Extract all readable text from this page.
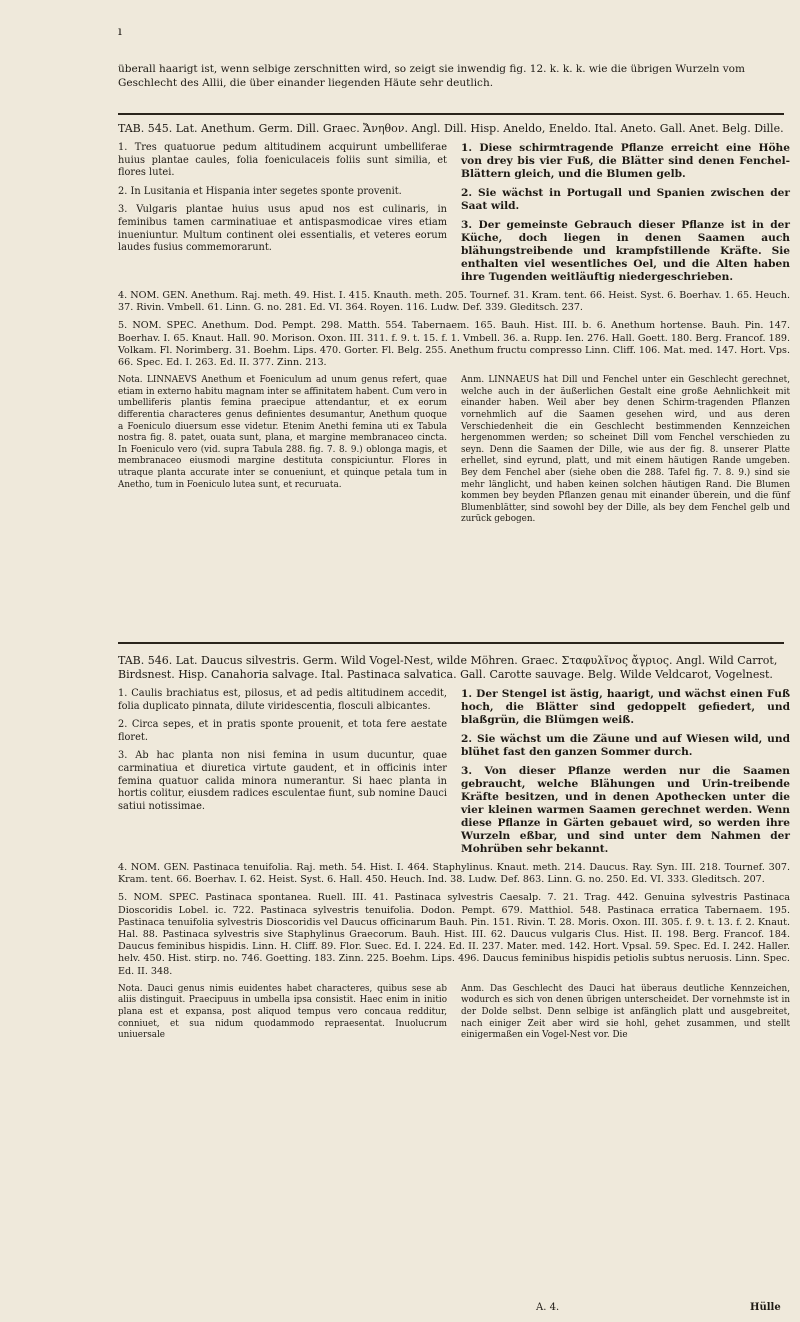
ı
überall haarigt ist, wenn selbige zerschnitten wird, so zeigt sie inwendig fig. 12. k. k. k. wie die übrigen Wurzeln vom Geschlecht des Allii, die über einander liegenden Häute sehr deutlich.

TAB. 545. Lat. Anethum. Germ. Dill. Graec. Ἄνηθον. Angl. Dill. Hisp. Aneldo, Eneldo. Ital. Aneto. Gall. Anet. Belg. Dille.

1. Tres quatuorue pedum altitudinem acquirunt umbelliferae huius plantae caules, folia foeniculaceis foliis sunt similia, et flores lutei.

2. In Lusitania et Hispania inter segetes sponte provenit.

3. Vulgaris plantae huius usus apud nos est culinaris, in feminibus tamen carminatiuae et antispasmodicae vires etiam inueniuntur. Multum continent olei essentialis, et veteres eorum laudes fusius commemorarunt.

1. Diese schirmtragende Pflanze erreicht eine Höhe von drey bis vier Fuß, die Blätter sind denen Fenchel-Blättern gleich, und die Blumen gelb.

2. Sie wächst in Portugall und Spanien zwischen der Saat wild.

3. Der gemeinste Gebrauch dieser Pflanze ist in der Küche, doch liegen in denen Saamen auch blähungstreibende und krampfstillende Kräfte. Sie enthalten viel wesentliches Oel, und die Alten haben ihre Tugenden weitläuftig niedergeschrieben.

4. NOM. GEN. Anethum. Raj. meth. 49. Hist. I. 415. Knauth. meth. 205. Tournef. 31. Kram. tent. 66. Heist. Syst. 6. Boerhav. 1. 65. Heuch. 37. Rivin. Vmbell. 61. Linn. G. no. 281. Ed. VI. 364. Royen. 116. Ludw. Def. 339. Gleditsch. 237.

5. NOM. SPEC. Anethum. Dod. Pempt. 298. Matth. 554. Tabernaem. 165. Bauh. Hist. III. b. 6. Anethum hortense. Bauh. Pin. 147. Boerhav. I. 65. Knaut. Hall. 90. Morison. Oxon. III. 311. f. 9. t. 15. f. 1. Vmbell. 36. a. Rupp. Ien. 276. Hall. Goett. 180. Berg. Francof. 189. Volkam. Fl. Norimberg. 31. Boehm. Lips. 470. Gorter. Fl. Belg. 255. Anethum fructu compresso Linn. Cliff. 106. Mat. med. 147. Hort. Vps. 66. Spec. Ed. I. 263. Ed. II. 377. Zinn. 213.

Nota. LINNAEVS Anethum et Foeniculum ad unum genus refert, quae etiam in externo habitu magnam inter se affinitatem habent. Cum vero in umbelliferis plantis femina praecipue attendantur, et ex eorum differentia characteres genus definientes desumantur, Anethum quoque a Foeniculo diuersum esse videtur. Etenim Anethi femina uti ex Tabula nostra fig. 8. patet, ouata sunt, plana, et margine membranaceo cincta. In Foeniculo vero (vid. supra Tabula 288. fig. 7. 8. 9.) oblonga magis, et membranaceo eiusmodi margine destituta conspiciuntur. Flores in utraque planta accurate inter se conueniunt, et quinque petala tum in Anetho, tum in Foeniculo lutea sunt, et recuruata.

Anm. LINNAEUS hat Dill und Fenchel unter ein Geschlecht gerechnet, welche auch in der äußerlichen Gestalt eine große Aehnlichkeit mit einander haben. Weil aber bey denen Schirm-tragenden Pflanzen vornehmlich auf die Saamen gesehen wird, und aus deren Verschiedenheit die ein Geschlecht bestimmenden Kennzeichen hergenommen werden; so scheinet Dill vom Fenchel verschieden zu seyn. Denn die Saamen der Dille, wie aus der fig. 8. unserer Platte erhellet, sind eyrund, platt, und mit einem häutigen Rande umgeben. Bey dem Fenchel aber (siehe oben die 288. Tafel fig. 7. 8. 9.) sind sie mehr länglicht, und haben keinen solchen häutigen Rand. Die Blumen kommen bey beyden Pflanzen genau mit einander überein, und die fünf Blumenblätter, sind sowohl bey der Dille, als bey dem Fenchel gelb und zurück gebogen.

TAB. 546. Lat. Daucus silvestris. Germ. Wild Vogel-Nest, wilde Möhren. Graec. Σταφυλῖνος ἄγριος. Angl. Wild Carrot, Birdsnest. Hisp. Canahoria salvage. Ital. Pastinaca salvatica. Gall. Carotte sauvage. Belg. Wilde Veldcarot, Vogelnest.

1. Caulis brachiatus est, pilosus, et ad pedis altitudinem accedit, folia duplicato pinnata, dilute viridescentia, flosculi albicantes.

2. Circa sepes, et in pratis sponte prouenit, et tota fere aestate floret.

3. Ab hac planta non nisi femina in usum ducuntur, quae carminatiua et diuretica virtute gaudent, et in officinis inter femina quatuor calida minora numerantur. Si haec planta in hortis colitur, eiusdem radices esculentae fiunt, sub nomine Dauci satiui notissimae.

1. Der Stengel ist ästig, haarigt, und wächst einen Fuß hoch, die Blätter sind gedoppelt gefiedert, und blaßgrün, die Blümgen weiß.

2. Sie wächst um die Zäune und auf Wiesen wild, und blühet fast den ganzen Sommer durch.

3. Von dieser Pflanze werden nur die Saamen gebraucht, welche Blähungen und Urin-treibende Kräfte besitzen, und in denen Apothecken unter die vier kleinen warmen Saamen gerechnet werden. Wenn diese Pflanze in Gärten gebauet wird, so werden ihre Wurzeln eßbar, und sind unter dem Nahmen der Mohrüben sehr bekannt.

4. NOM. GEN. Pastinaca tenuifolia. Raj. meth. 54. Hist. I. 464. Staphylinus. Knaut. meth. 214. Daucus. Ray. Syn. III. 218. Tournef. 307. Kram. tent. 66. Boerhav. I. 62. Heist. Syst. 6. Hall. 450. Heuch. Ind. 38. Ludw. Def. 863. Linn. G. no. 250. Ed. VI. 333. Gleditsch. 207.

5. NOM. SPEC. Pastinaca spontanea. Ruell. III. 41. Pastinaca sylvestris Caesalp. 7. 21. Trag. 442. Genuina sylvestris Pastinaca Dioscoridis Lobel. ic. 722. Pastinaca sylvestris tenuifolia. Dodon. Pempt. 679. Matthiol. 548. Pastinaca erratica Tabernaem. 195. Pastinaca tenuifolia sylvestris Dioscoridis vel Daucus officinarum Bauh. Pin. 151. Rivin. T. 28. Moris. Oxon. III. 305. f. 9. t. 13. f. 2. Knaut. Hal. 88. Pastinaca sylvestris sive Staphylinus Graecorum. Bauh. Hist. III. 62. Daucus vulgaris Clus. Hist. II. 198. Berg. Francof. 184. Daucus feminibus hispidis. Linn. H. Cliff. 89. Flor. Suec. Ed. I. 224. Ed. II. 237. Mater. med. 142. Hort. Vpsal. 59. Spec. Ed. I. 242. Haller. helv. 450. Hist. stirp. no. 746. Goetting. 183. Zinn. 225. Boehm. Lips. 496. Daucus feminibus hispidis petiolis subtus neruosis. Linn. Spec. Ed. II. 348.

Nota. Dauci genus nimis euidentes habet characteres, quibus sese ab aliis distinguit. Praecipuus in umbella ipsa consistit. Haec enim in initio plana est et expansa, post aliquod tempus vero concaua redditur, conniuet, et sua nidum quodammodo repraesentat. Inuolucrum uniuersale

Anm. Das Geschlecht des Dauci hat überaus deutliche Kennzeichen, wodurch es sich von denen übrigen unterscheidet. Der vornehmste ist in der Dolde selbst. Denn selbige ist anfänglich platt und ausgebreitet, nach einiger Zeit aber wird sie hohl, gehet zusammen, und stellt einigermaßen ein Vogel-Nest vor. Die

A. 4.	Hülle
